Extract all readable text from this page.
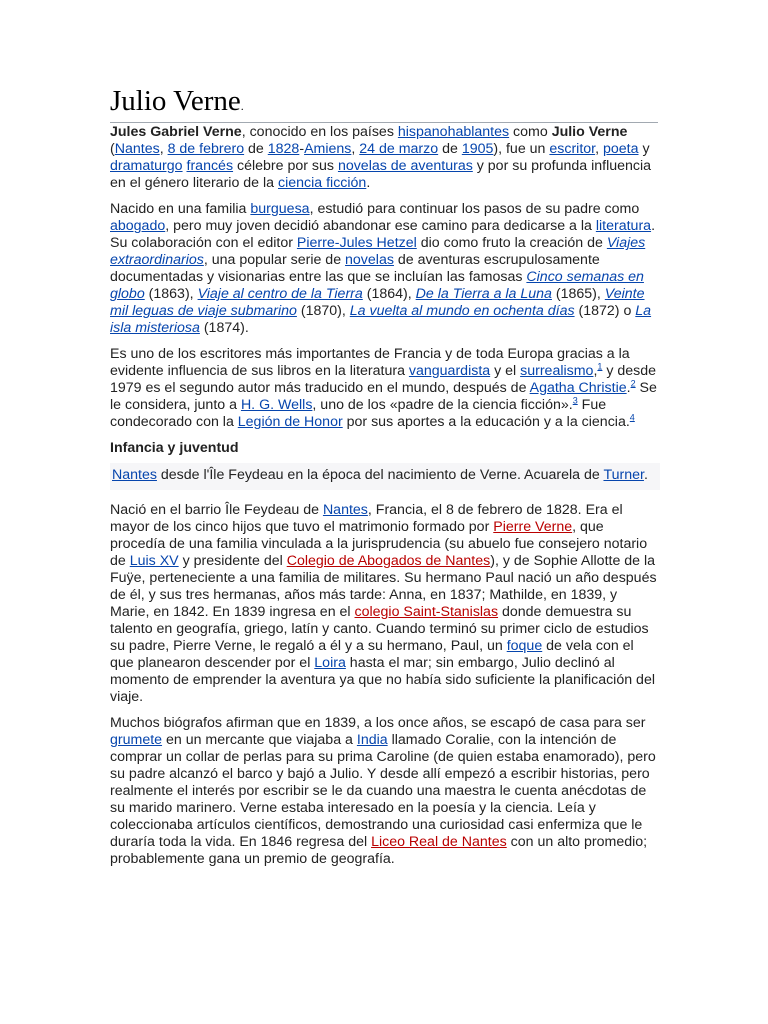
Julio Verne.

Jules Gabriel Verne, conocido en los países hispanohablantes como Julio Verne (Nantes, 8 de febrero de 1828-Amiens, 24 de marzo de 1905), fue un escritor, poeta y dramaturgo francés célebre por sus novelas de aventuras y por su profunda influencia en el género literario de la ciencia ficción.

Nacido en una familia burguesa, estudió para continuar los pasos de su padre como abogado, pero muy joven decidió abandonar ese camino para dedicarse a la literatura. Su colaboración con el editor Pierre-Jules Hetzel dio como fruto la creación de Viajes extraordinarios, una popular serie de novelas de aventuras escrupulosamente documentadas y visionarias entre las que se incluían las famosas Cinco semanas en globo (1863), Viaje al centro de la Tierra (1864), De la Tierra a la Luna (1865), Veinte mil leguas de viaje submarino (1870), La vuelta al mundo en ochenta días (1872) o La isla misteriosa (1874).

Es uno de los escritores más importantes de Francia y de toda Europa gracias a la evidente influencia de sus libros en la literatura vanguardista y el surrealismo,$^1$ y desde 1979 es el segundo autor más traducido en el mundo, después de Agatha Christie.$^2$ Se le considera, junto a H. G. Wells, uno de los «padre de la ciencia ficción».$^3$ Fue condecorado con la Legión de Honor por sus aportes a la educación y a la ciencia.$^4$

Infancia y juventud
Nantes desde l'Île Feydeau en la época del nacimiento de Verne. Acuarela de Turner.

Nació en el barrio Île Feydeau de Nantes, Francia, el 8 de febrero de 1828. Era el mayor de los cinco hijos que tuvo el matrimonio formado por Pierre Verne, que procedía de una familia vinculada a la jurisprudencia (su abuelo fue consejero notario de Luis XV y presidente del Colegio de Abogados de Nantes), y de Sophie Allotte de la Fuÿe, perteneciente a una familia de militares. Su hermano Paul nació un año después de él, y sus tres hermanas, años más tarde: Anna, en 1837; Mathilde, en 1839, y Marie, en 1842. En 1839 ingresa en el colegio Saint-Stanislas donde demuestra su talento en geografía, griego, latín y canto. Cuando terminó su primer ciclo de estudios su padre, Pierre Verne, le regaló a él y a su hermano, Paul, un foque de vela con el que planearon descender por el Loira hasta el mar; sin embargo, Julio declinó al momento de emprender la aventura ya que no había sido suficiente la planificación del viaje.

Muchos biógrafos afirman que en 1839, a los once años, se escapó de casa para ser grumete en un mercante que viajaba a India llamado Coralie, con la intención de comprar un collar de perlas para su prima Caroline (de quien estaba enamorado), pero su padre alcanzó el barco y bajó a Julio. Y desde allí empezó a escribir historias, pero realmente el interés por escribir se le da cuando una maestra le cuenta anécdotas de su marido marinero. Verne estaba interesado en la poesía y la ciencia. Leía y coleccionaba artículos científicos, demostrando una curiosidad casi enfermiza que le duraría toda la vida. En 1846 regresa del Liceo Real de Nantes con un alto promedio; probablemente gana un premio de geografía.
